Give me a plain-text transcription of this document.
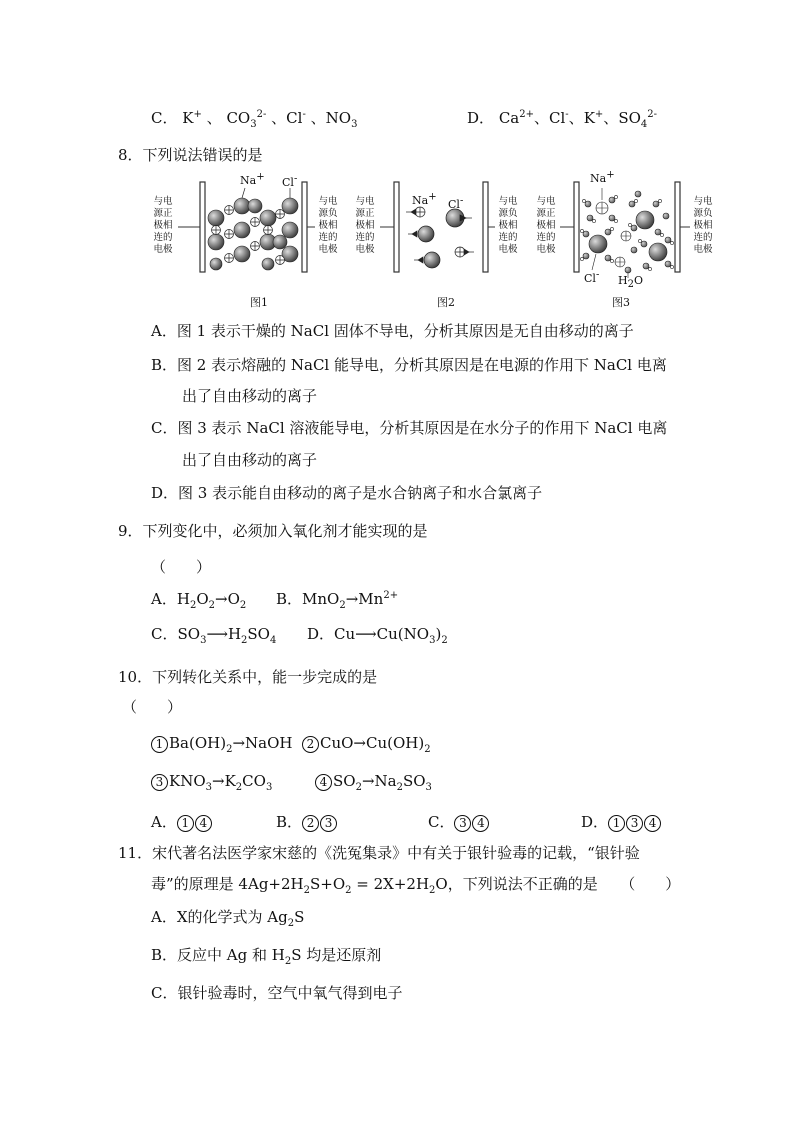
C． K+ 、 $CO_3^{2-}$ 、Cl- 、$NO_3$	D． $Ca^{2+}$、Cl-、K+、$SO_4^{2-}$
8．下列说法错误的是
与电
源正
极相
连的
电极
与电
源负
极相
连的
电极
与电
源正
极相
连的
电极
与电
源负
极相
连的
电极
与电
源正
极相
连的
电极
与电
源负
极相
连的
电极
Na+ Cl-
Na+
Cl-
Na+
Cl- $H_2O$
图1	图2	图3
A．图 1 表示干燥的 NaCl 固体不导电，分析其原因是无自由移动的离子
B．图 2 表示熔融的 NaCl 能导电，分析其原因是在电源的作用下 NaCl 电离
出了自由移动的离子
C．图 3 表示 NaCl 溶液能导电，分析其原因是在水分子的作用下 NaCl 电离
出了自由移动的离子
D．图 3 表示能自由移动的离子是水合钠离子和水合氯离子
9．下列变化中，必须加入氧化剂才能实现的是
（　　）
A．$H_2O_2\to O_2$ B．$MnO_2\to Mn^{2+}$
C．$SO_3⟶H_2SO_4$ D．$Cu⟶Cu(NO_3)_2$
10．下列转化关系中，能一步完成的是
（　　）
1 $Ba(OH)_2\to NaOH$	2 $CuO\to Cu(OH)_2$
3 $KNO_3\to K_2CO_3$	4 $SO_2\to Na_2SO_3$
A． 1 4	B． 2 3	C． 3 4	D． 1 3 4
11．宋代著名法医学家宋慈的《洗冤集录》中有关于银针验毒的记载，“银针验
毒”的原理是 $4Ag+2H_2S+O_2 = 2X+2H_2O$，下列说法不正确的是　　（　　）
A．X的化学式为 $Ag_2S$
B．反应中 Ag 和 $H_2S$ 均是还原剂
C．银针验毒时，空气中氧气得到电子
